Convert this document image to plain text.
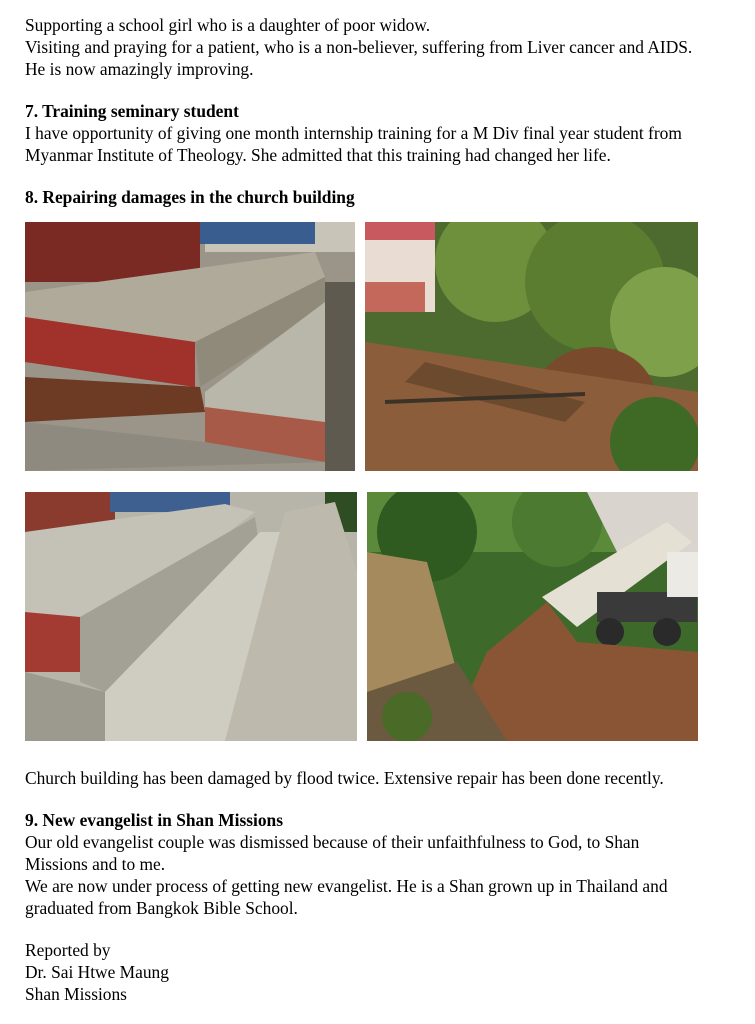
Supporting a school girl who is a daughter of poor widow.

Visiting and praying for a patient, who is a non-believer, suffering from Liver cancer and AIDS.

He is now amazingly improving.

7. Training seminary student

I have opportunity of giving one month internship training for a M Div final year student from

Myanmar Institute of Theology. She admitted that this training had changed her life.

8. Repairing damages in the church building

Church building has been damaged by flood twice. Extensive repair has been done recently.

9. New evangelist in Shan Missions

Our old evangelist couple was dismissed because of their unfaithfulness to God, to Shan

Missions and to me.

We are now under process of getting new evangelist. He is a Shan grown up in Thailand and

graduated from Bangkok Bible School.

Reported by

Dr. Sai Htwe Maung

Shan Missions
